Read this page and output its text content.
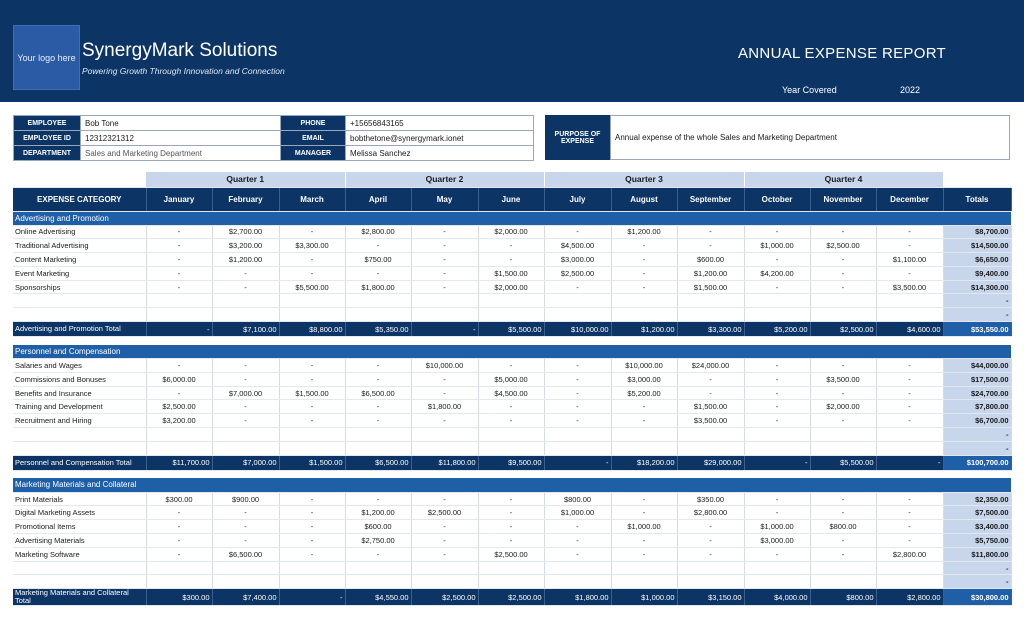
Your logo here SynergyMark Solutions
Powering Growth Through Innovation and Connection
ANNUAL EXPENSE REPORT
Year Covered	2022
EMPLOYEE	Bob Tone
EMPLOYEE ID	12312321312
DEPARTMENT	Sales and Marketing Department
PHONE	+15656843165
EMAIL	bobthetone@synergymark.ionet
MANAGER	Melissa Sanchez
PURPOSE OF EXPENSE	Annual expense of the whole Sales and Marketing Department
	Quarter 1			Quarter 2			Quarter 3			Quarter 4			
EXPENSE CATEGORY	January	February	March	April	May	June	July	August	September	October	November	December	Totals
Advertising and Promotion													
Online Advertising	-	$2,700.00	-	$2,800.00	-	$2,000.00	-	$1,200.00	-	-	-	-	$8,700.00
Traditional Advertising	-	$3,200.00	$3,300.00	-	-	-	$4,500.00	-	-	$1,000.00	$2,500.00	-	$14,500.00
Content Marketing	-	$1,200.00	-	$750.00	-	-	$3,000.00	-	$600.00	-	-	$1,100.00	$6,650.00
Event Marketing	-	-	-	-	-	$1,500.00	$2,500.00	-	$1,200.00	$4,200.00	-	-	$9,400.00
Sponsorships	-	-	$5,500.00	$1,800.00	-	$2,000.00	-	-	$1,500.00	-	-	$3,500.00	$14,300.00
													-
													-
Advertising and Promotion Total	-	$7,100.00	$8,800.00	$5,350.00	-	$5,500.00	$10,000.00	$1,200.00	$3,300.00	$5,200.00	$2,500.00	$4,600.00	$53,550.00

Personnel and Compensation													
Salaries and Wages	-	-	-	-	$10,000.00	-	-	$10,000.00	$24,000.00	-	-	-	$44,000.00
Commissions and Bonuses	$6,000.00	-	-	-	-	$5,000.00	-	$3,000.00	-	-	$3,500.00	-	$17,500.00
Benefits and Insurance	-	$7,000.00	$1,500.00	$6,500.00	-	$4,500.00	-	$5,200.00	-	-	-	-	$24,700.00
Training and Development	$2,500.00	-	-	-	$1,800.00	-	-	-	$1,500.00	-	$2,000.00	-	$7,800.00
Recruitment and Hiring	$3,200.00	-	-	-	-	-	-	-	$3,500.00	-	-	-	$6,700.00
													-
													-
Personnel and Compensation Total	$11,700.00	$7,000.00	$1,500.00	$6,500.00	$11,800.00	$9,500.00	-	$18,200.00	$29,000.00	-	$5,500.00	-	$100,700.00

Marketing Materials and Collateral													
Print Materials	$300.00	$900.00	-	-	-	-	$800.00	-	$350.00	-	-	-	$2,350.00
Digital Marketing Assets	-	-	-	$1,200.00	$2,500.00	-	$1,000.00	-	$2,800.00	-	-	-	$7,500.00
Promotional Items	-	-	-	$600.00	-	-	-	$1,000.00	-	$1,000.00	$800.00	-	$3,400.00
Advertising Materials	-	-	-	$2,750.00	-	-	-	-	-	$3,000.00	-	-	$5,750.00
Marketing Software	-	$6,500.00	-	-	-	$2,500.00	-	-	-	-	-	$2,800.00	$11,800.00
													-
													-
Marketing Materials and Collateral Total	$300.00	$7,400.00	-	$4,550.00	$2,500.00	$2,500.00	$1,800.00	$1,000.00	$3,150.00	$4,000.00	$800.00	$2,800.00	$30,800.00
